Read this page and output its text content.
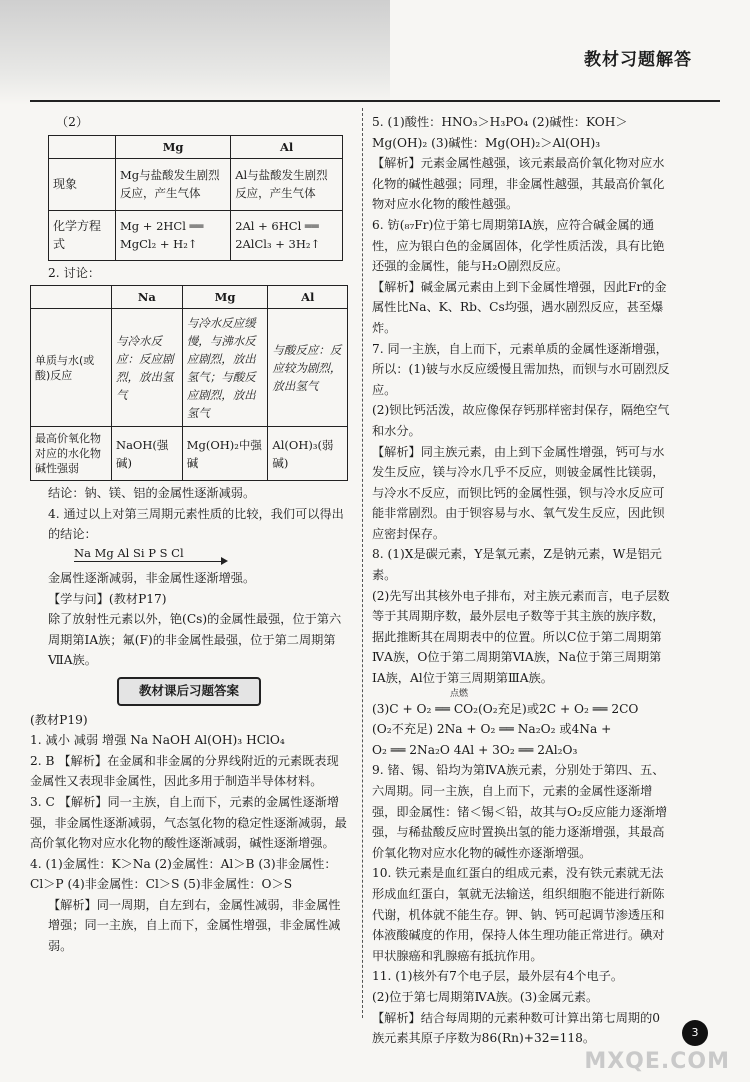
教材习题解答

（2）

	Mg	Al
现象	Mg与盐酸发生剧烈反应，产生气体	Al与盐酸发生剧烈反应，产生气体
化学方程式	Mg + 2HCl ══ MgCl₂ + H₂↑	2Al + 6HCl ══ 2AlCl₃ + 3H₂↑

2. 讨论：

	Na	Mg	Al
单质与水(或酸)反应	与冷水反应：反应剧烈，放出氢气	与冷水反应缓慢，与沸水反应剧烈，放出氢气；与酸反应剧烈，放出氢气	与酸反应：反应较为剧烈，放出氢气
最高价氧化物对应的水化物碱性强弱	NaOH(强碱)	Mg(OH)₂中强碱	Al(OH)₃(弱碱)

结论：钠、镁、铝的金属性逐渐减弱。

4. 通过以上对第三周期元素性质的比较，我们可以得出的结论：

Na Mg Al Si P S Cl

金属性逐渐减弱，非金属性逐渐增强。

【学与问】(教材P17)

除了放射性元素以外，铯(Cs)的金属性最强，位于第六周期第ⅠA族；氟(F)的非金属性最强，位于第二周期第ⅦA族。

教材课后习题答案

(教材P19)

1. 减小 减弱 增强 Na NaOH Al(OH)₃ HClO₄

2. B 【解析】在金属和非金属的分界线附近的元素既表现金属性又表现非金属性，因此多用于制造半导体材料。

3. C 【解析】同一主族，自上而下，元素的金属性逐渐增强，非金属性逐渐减弱，气态氢化物的稳定性逐渐减弱，最高价氧化物对应水化物的酸性逐渐减弱，碱性逐渐增强。

4. (1)金属性：K＞Na (2)金属性：Al＞B (3)非金属性：Cl＞P (4)非金属性：Cl＞S (5)非金属性：O＞S

【解析】同一周期，自左到右，金属性减弱，非金属性增强；同一主族，自上而下，金属性增强，非金属性减弱。

5. (1)酸性：HNO₃＞H₃PO₄ (2)碱性：KOH＞Mg(OH)₂ (3)碱性：Mg(OH)₂＞Al(OH)₃

【解析】元素金属性越强，该元素最高价氧化物对应水化物的碱性越强；同理，非金属性越强，其最高价氧化物对应水化物的酸性越强。

6. 钫(₈₇Fr)位于第七周期第ⅠA族，应符合碱金属的通性，应为银白色的金属固体，化学性质活泼，具有比铯还强的金属性，能与H₂O剧烈反应。

【解析】碱金属元素由上到下金属性增强，因此Fr的金属性比Na、K、Rb、Cs均强，遇水剧烈反应，甚至爆炸。

7. 同一主族，自上而下，元素单质的金属性逐渐增强，所以：(1)铍与水反应缓慢且需加热，而钡与水可剧烈反应。

(2)钡比钙活泼，故应像保存钙那样密封保存，隔绝空气和水分。

【解析】同主族元素，由上到下金属性增强，钙可与水发生反应，镁与冷水几乎不反应，则铍金属性比镁弱，与冷水不反应，而钡比钙的金属性强，钡与冷水反应可能非常剧烈。由于钡容易与水、氧气发生反应，因此钡应密封保存。

8. (1)X是碳元素，Y是氧元素，Z是钠元素，W是铝元素。

(2)先写出其核外电子排布，对主族元素而言，电子层数等于其周期序数，最外层电子数等于其主族的族序数，据此推断其在周期表中的位置。所以C位于第二周期第ⅣA族，O位于第二周期第ⅥA族，Na位于第三周期第ⅠA族，Al位于第三周期第ⅢA族。

点燃

(3)C + O₂ ══ CO₂(O₂充足)或2C + O₂ ══ 2CO

(O₂不充足) 2Na + O₂ ══ Na₂O₂ 或4Na +

O₂ ══ 2Na₂O 4Al + 3O₂ ══ 2Al₂O₃

9. 锗、锡、铅均为第ⅣA族元素，分别处于第四、五、六周期。同一主族，自上而下，元素的金属性逐渐增强，即金属性：锗＜锡＜铅，故其与O₂反应能力逐渐增强，与稀盐酸反应时置换出氢的能力逐渐增强，其最高价氧化物对应水化物的碱性亦逐渐增强。

10. 铁元素是血红蛋白的组成元素，没有铁元素就无法形成血红蛋白，氧就无法输送，组织细胞不能进行新陈代谢，机体就不能生存。钾、钠、钙可起调节渗透压和体液酸碱度的作用，保持人体生理功能正常进行。碘对甲状腺癌和乳腺癌有抵抗作用。

11. (1)核外有7个电子层，最外层有4个电子。

(2)位于第七周期第ⅣA族。(3)金属元素。

【解析】结合每周期的元素种数可计算出第七周期的0族元素其原子序数为86(Rn)+32=118。	3
MXQE.COM
